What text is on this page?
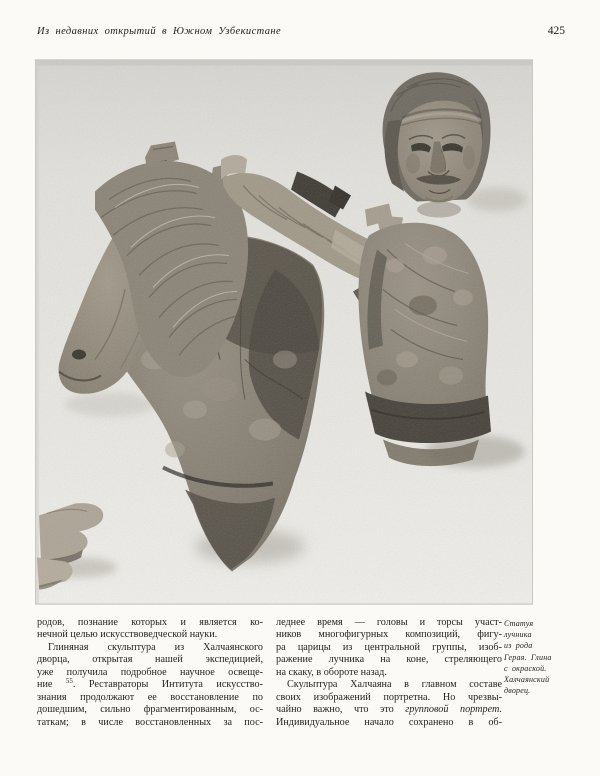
Из недавних открытий в Южном Узбекистане	425
родов, познание которых и является ко-
нечной целью искусствоведческой науки.
Глиняная скульптура из Халчаянского
дворца, открытая нашей экспедицией,
уже получила подробное научное освеще-
ние $^{55}$. Реставраторы Интитута искусство-
знания продолжают ее восстановление по
дошедшим, сильно фрагментированным, ос-
таткам; в числе восстановленных за пос-
леднее время — головы и торсы участ-
ников многофигурных композиций, фигу-
ра царицы из центральной группы, изоб-
ражение лучника на коне, стреляющего
на скаку, в обороте назад.
Скульптура Халчаяна в главном составе
своих изображений портретна. Но чрезвы-
чайно важно, что это групповой портрет.
Индивидуальное начало сохранено в об-
Статуя
лучника
из рода
Герая. Глина
с окраской.
Халчаянский
дворец.
